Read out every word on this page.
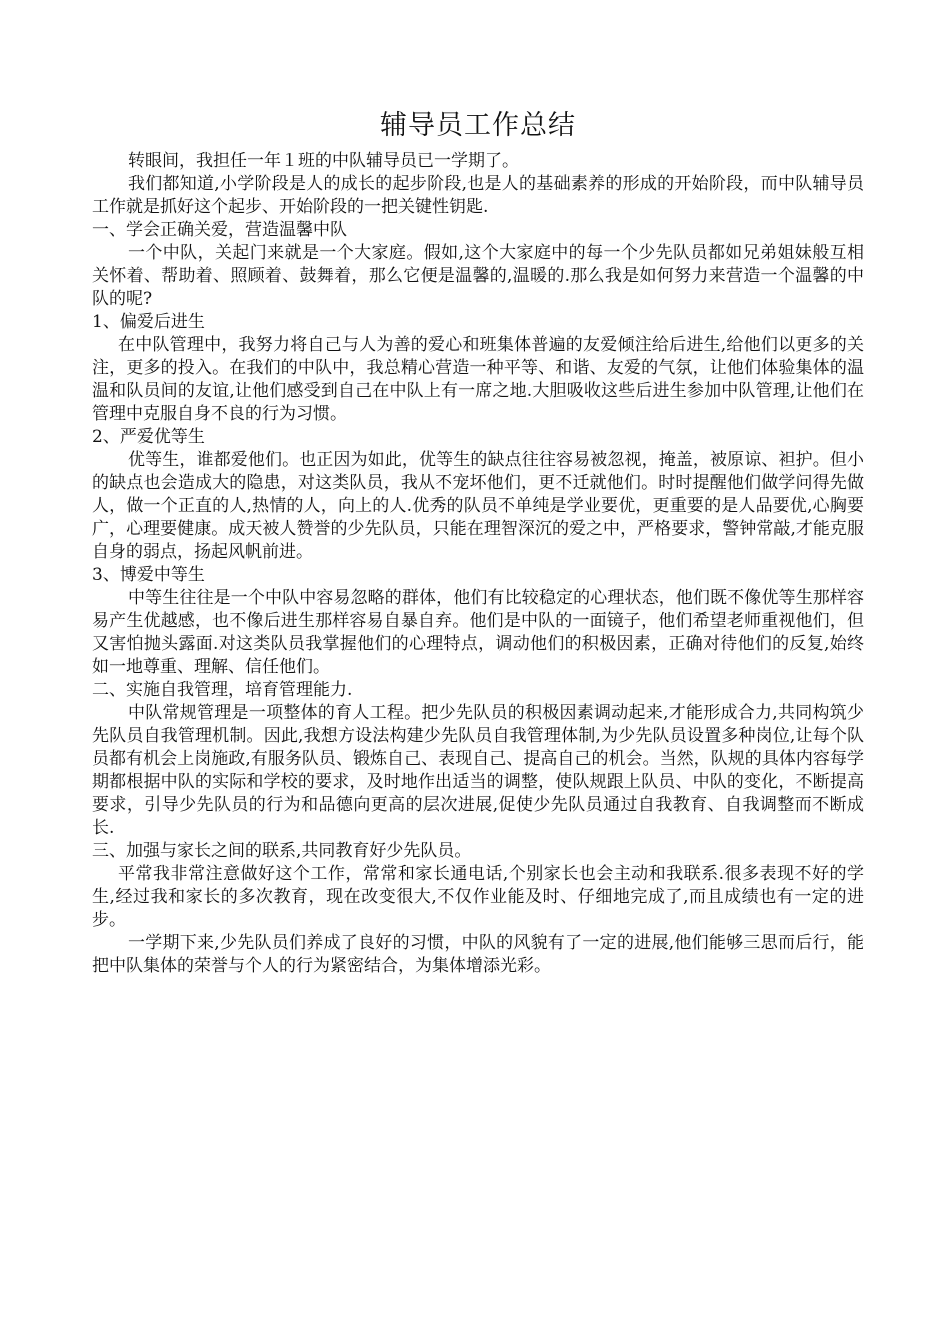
辅导员工作总结

转眼间，我担任一年１班的中队辅导员已一学期了。

我们都知道,小学阶段是人的成长的起步阶段,也是人的基础素养的形成的开始阶段，而中队辅导员工作就是抓好这个起步、开始阶段的一把关键性钥匙.

一、学会正确关爱，营造温馨中队

一个中队，关起门来就是一个大家庭。假如,这个大家庭中的每一个少先队员都如兄弟姐妹般互相关怀着、帮助着、照顾着、鼓舞着，那么它便是温馨的,温暖的.那么我是如何努力来营造一个温馨的中队的呢?

1、偏爱后进生

在中队管理中，我努力将自己与人为善的爱心和班集体普遍的友爱倾注给后进生,给他们以更多的关注，更多的投入。在我们的中队中，我总精心营造一种平等、和谐、友爱的气氛，让他们体验集体的温温和队员间的友谊,让他们感受到自己在中队上有一席之地.大胆吸收这些后进生参加中队管理,让他们在管理中克服自身不良的行为习惯。

2、严爱优等生

优等生，谁都爱他们。也正因为如此，优等生的缺点往往容易被忽视，掩盖，被原谅、袒护。但小的缺点也会造成大的隐患，对这类队员，我从不宠坏他们，更不迁就他们。时时提醒他们做学问得先做人，做一个正直的人,热情的人，向上的人.优秀的队员不单纯是学业要优，更重要的是人品要优,心胸要广，心理要健康。成天被人赞誉的少先队员，只能在理智深沉的爱之中，严格要求，警钟常敲,才能克服自身的弱点，扬起风帆前进。

3、博爱中等生

中等生往往是一个中队中容易忽略的群体，他们有比较稳定的心理状态，他们既不像优等生那样容易产生优越感，也不像后进生那样容易自暴自弃。他们是中队的一面镜子，他们希望老师重视他们，但又害怕抛头露面.对这类队员我掌握他们的心理特点，调动他们的积极因素，正确对待他们的反复,始终如一地尊重、理解、信任他们。

二、实施自我管理，培育管理能力.

中队常规管理是一项整体的育人工程。把少先队员的积极因素调动起来,才能形成合力,共同构筑少先队员自我管理机制。因此,我想方设法构建少先队员自我管理体制,为少先队员设置多种岗位,让每个队员都有机会上岗施政,有服务队员、锻炼自己、表现自己、提高自己的机会。当然，队规的具体内容每学期都根据中队的实际和学校的要求，及时地作出适当的调整，使队规跟上队员、中队的变化，不断提高要求，引导少先队员的行为和品德向更高的层次进展,促使少先队员通过自我教育、自我调整而不断成长.

三、加强与家长之间的联系,共同教育好少先队员。

平常我非常注意做好这个工作，常常和家长通电话,个别家长也会主动和我联系.很多表现不好的学生,经过我和家长的多次教育，现在改变很大,不仅作业能及时、仔细地完成了,而且成绩也有一定的进步。

一学期下来,少先队员们养成了良好的习惯，中队的风貌有了一定的进展,他们能够三思而后行，能把中队集体的荣誉与个人的行为紧密结合，为集体增添光彩。
